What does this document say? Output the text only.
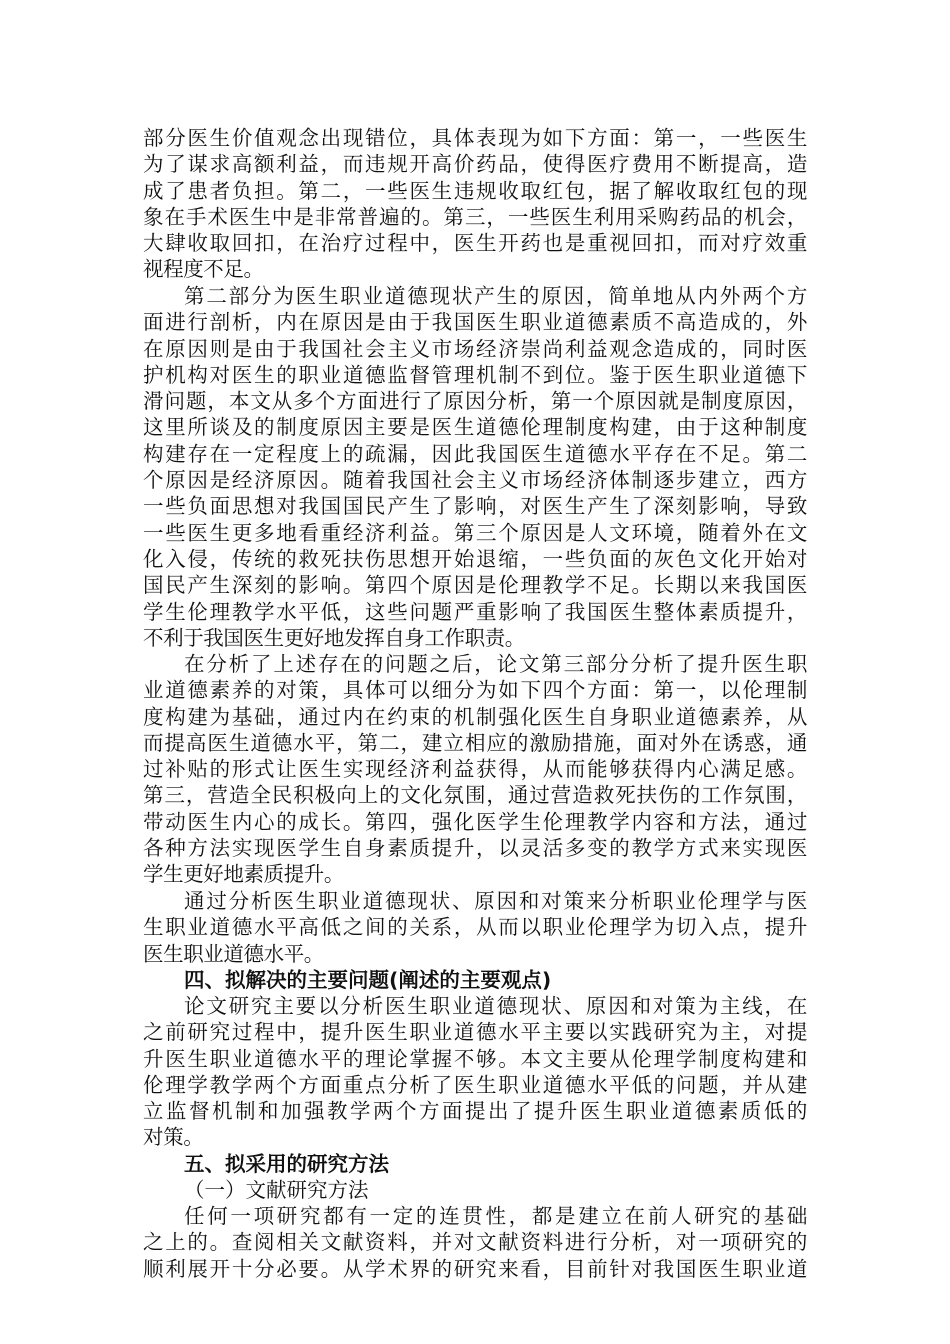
部分医生价值观念出现错位，具体表现为如下方面：第一，一些医生
为了谋求高额利益，而违规开高价药品，使得医疗费用不断提高，造
成了患者负担。第二，一些医生违规收取红包，据了解收取红包的现
象在手术医生中是非常普遍的。第三，一些医生利用采购药品的机会，
大肆收取回扣，在治疗过程中，医生开药也是重视回扣，而对疗效重
视程度不足。
第二部分为医生职业道德现状产生的原因，简单地从内外两个方
面进行剖析，内在原因是由于我国医生职业道德素质不高造成的，外
在原因则是由于我国社会主义市场经济崇尚利益观念造成的，同时医
护机构对医生的职业道德监督管理机制不到位。鉴于医生职业道德下
滑问题，本文从多个方面进行了原因分析，第一个原因就是制度原因，
这里所谈及的制度原因主要是医生道德伦理制度构建，由于这种制度
构建存在一定程度上的疏漏，因此我国医生道德水平存在不足。第二
个原因是经济原因。随着我国社会主义市场经济体制逐步建立，西方
一些负面思想对我国国民产生了影响，对医生产生了深刻影响，导致
一些医生更多地看重经济利益。第三个原因是人文环境，随着外在文
化入侵，传统的救死扶伤思想开始退缩，一些负面的灰色文化开始对
国民产生深刻的影响。第四个原因是伦理教学不足。长期以来我国医
学生伦理教学水平低，这些问题严重影响了我国医生整体素质提升，
不利于我国医生更好地发挥自身工作职责。
在分析了上述存在的问题之后，论文第三部分分析了提升医生职
业道德素养的对策，具体可以细分为如下四个方面：第一，以伦理制
度构建为基础，通过内在约束的机制强化医生自身职业道德素养，从
而提高医生道德水平，第二，建立相应的激励措施，面对外在诱惑，通
过补贴的形式让医生实现经济利益获得，从而能够获得内心满足感。
第三，营造全民积极向上的文化氛围，通过营造救死扶伤的工作氛围，
带动医生内心的成长。第四，强化医学生伦理教学内容和方法，通过
各种方法实现医学生自身素质提升，以灵活多变的教学方式来实现医
学生更好地素质提升。
通过分析医生职业道德现状、原因和对策来分析职业伦理学与医
生职业道德水平高低之间的关系，从而以职业伦理学为切入点，提升
医生职业道德水平。
四、拟解决的主要问题(阐述的主要观点)
论文研究主要以分析医生职业道德现状、原因和对策为主线，在
之前研究过程中，提升医生职业道德水平主要以实践研究为主，对提
升医生职业道德水平的理论掌握不够。本文主要从伦理学制度构建和
伦理学教学两个方面重点分析了医生职业道德水平低的问题，并从建
立监督机制和加强教学两个方面提出了提升医生职业道德素质低的
对策。
五、拟采用的研究方法
（一）文献研究方法
任何一项研究都有一定的连贯性，都是建立在前人研究的基础
之上的。查阅相关文献资料，并对文献资料进行分析，对一项研究的
顺利展开十分必要。从学术界的研究来看，目前针对我国医生职业道
